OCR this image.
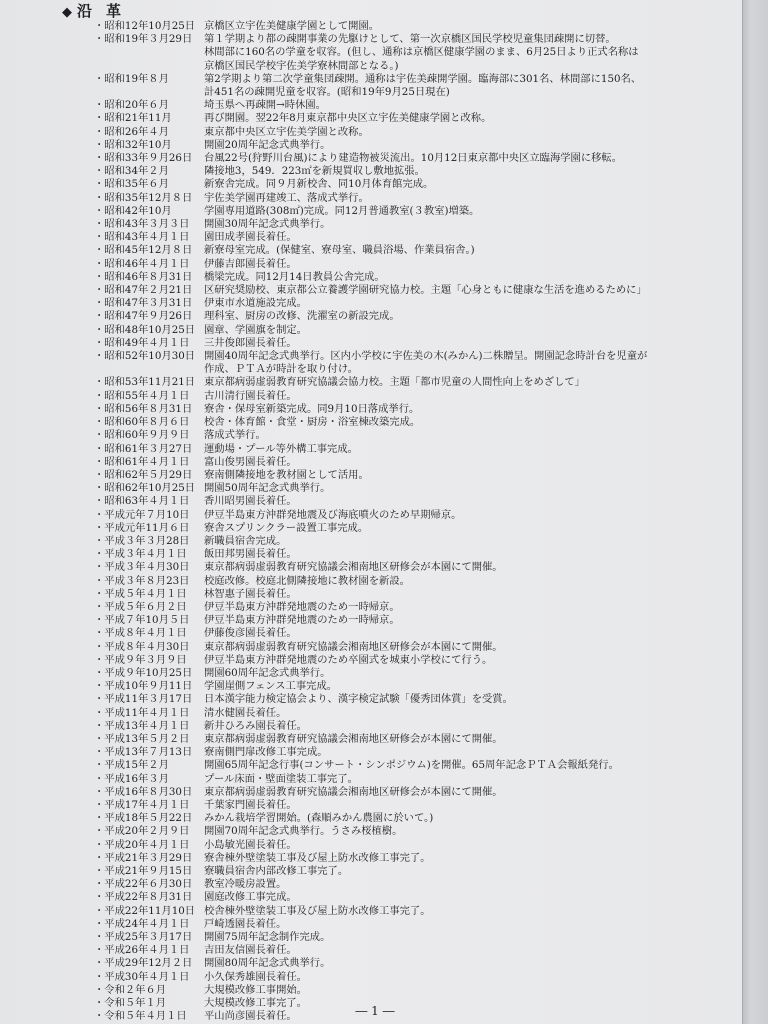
◆ 沿革
・昭和12年10月25日 京橋区立宇佐美健康学園として開園。
・昭和19年３月29日	第１学期より都の疎開事業の先駆けとして、第一次京橋区国民学校児童集団疎開に切替。
林間部に160名の学童を収容。(但し、通称は京橋区健康学園のまま、6月25日より正式名称は
京橋区国民学校宇佐美学寮林間部となる。)
・昭和19年８月	第2学期より第二次学童集団疎開。通称は宇佐美疎開学園。臨海部に301名、林間部に150名、
計451名の疎開児童を収容。(昭和19年9月25日現在)
・昭和20年６月	埼玉県へ再疎開→時休園。
・昭和21年11月	再び開園。翌22年8月東京都中央区立宇佐美健康学園と改称。
・昭和26年４月	東京都中央区立宇佐美学園と改称。
・昭和32年10月	開園20周年記念式典挙行。
・昭和33年９月26日	台風22号(狩野川台風)により建造物被災流出。10月12日東京都中央区立臨海学園に移転。
・昭和34年２月	隣接地3，549．223㎡を新規買収し敷地拡張。
・昭和35年６月	新寮舎完成。同９月新校舎、同10月体育館完成。
・昭和35年12月８日	宇佐美学園再建竣工、落成式挙行。
・昭和42年10月	学園専用道路(308㎡)完成。同12月普通教室(３教室)増築。
・昭和43年３月３日	開園30周年記念式典挙行。
・昭和43年４月１日	園田成孝園長着任。
・昭和45年12月８日	新寮母室完成。(保健室、寮母室、職員浴場、作業員宿舎。)
・昭和46年４月１日	伊藤吉郎園長着任。
・昭和46年８月31日	橋梁完成。同12月14日教員公舎完成。
・昭和47年２月21日	区研究奨励校、東京都公立養護学園研究協力校。主題「心身ともに健康な生活を進めるために」
・昭和47年３月31日	伊東市水道施設完成。
・昭和47年９月26日	理科室、厨房の改修、洗濯室の新設完成。
・昭和48年10月25日 園章、学園旗を制定。
・昭和49年４月１日	三井俊郎園長着任。
・昭和52年10月30日 開園40周年記念式典挙行。区内小学校に宇佐美の木(みかん)二株贈呈。開園記念時計台を児童が
作成、ＰＴＡが時計を取り付け。
・昭和53年11月21日 東京都病弱虚弱教育研究協議会協力校。主題「都市児童の人間性向上をめざして」
・昭和55年４月１日	古川清行園長着任。
・昭和56年８月31日	寮舎・保母室新築完成。同9月10日落成挙行。
・昭和60年８月６日	校舎・体育館・食堂・厨房・浴室棟改築完成。
・昭和60年９月９日	落成式挙行。
・昭和61年３月27日	運動場・プール等外構工事完成。
・昭和61年４月１日	富山俊男園長着任。
・昭和62年５月29日	寮南側隣接地を教材園として活用。
・昭和62年10月25日 開園50周年記念式典挙行。
・昭和63年４月１日	香川昭男園長着任。
・平成元年７月10日	伊豆半島東方沖群発地震及び海底噴火のため早期帰京。
・平成元年11月６日	寮舎スプリンクラー設置工事完成。
・平成３年３月28日	新職員宿舎完成。
・平成３年４月１日	飯田邦男園長着任。
・平成３年４月30日	東京都病弱虚弱教育研究協議会湘南地区研修会が本園にて開催。
・平成３年８月23日	校庭改修。校庭北側隣接地に教材園を新設。
・平成５年４月１日	林智惠子園長着任。
・平成５年６月２日	伊豆半島東方沖群発地震のため一時帰京。
・平成７年10月５日	伊豆半島東方沖群発地震のため一時帰京。
・平成８年４月１日	伊藤俊彦園長着任。
・平成８年４月30日	東京都病弱虚弱教育研究協議会湘南地区研修会が本園にて開催。
・平成９年３月９日	伊豆半島東方沖群発地震のため卒園式を城東小学校にて行う。
・平成９年10月25日	開園60周年記念式典挙行。
・平成10年９月11日	学園崖側フェンス工事完成。
・平成11年３月17日	日本漢字能力検定協会より、漢字検定試験「優秀団体賞」を受賞。
・平成11年４月１日	清水健園長着任。
・平成13年４月１日	新井ひろみ園長着任。
・平成13年５月２日	東京都病弱虚弱教育研究協議会湘南地区研修会が本園にて開催。
・平成13年７月13日	寮南側門扉改修工事完成。
・平成15年２月	開園65周年記念行事(コンサート・シンポジウム)を開催。65周年記念ＰＴＡ会報紙発行。
・平成16年３月	プール床面・壁面塗装工事完了。
・平成16年８月30日	東京都病弱虚弱教育研究協議会湘南地区研修会が本園にて開催。
・平成17年４月１日	千葉家門園長着任。
・平成18年５月22日	みかん栽培学習開始。(森順みかん農園に於いて。)
・平成20年２月９日	開園70周年記念式典挙行。うさみ桜植樹。
・平成20年４月１日	小島敏光園長着任。
・平成21年３月29日	寮舎棟外壁塗装工事及び屋上防水改修工事完了。
・平成21年９月15日	寮職員宿舎内部改修工事完了。
・平成22年６月30日	教室冷暖房設置。
・平成22年８月31日	園庭改修工事完成。
・平成22年11月10日 校舎棟外壁塗装工事及び屋上防水改修工事完了。
・平成24年４月１日	戸崎透園長着任。
・平成25年３月17日	開園75周年記念制作完成。
・平成26年４月１日	吉田友信園長着任。
・平成29年12月２日	開園80周年記念式典挙行。
・平成30年４月１日	小久保秀雄園長着任。
・令和２年６月	大規模改修工事開始。
・令和５年１月	大規模改修工事完了。
・令和５年４月１日	平山尚彦園長着任。	― 1 ―
